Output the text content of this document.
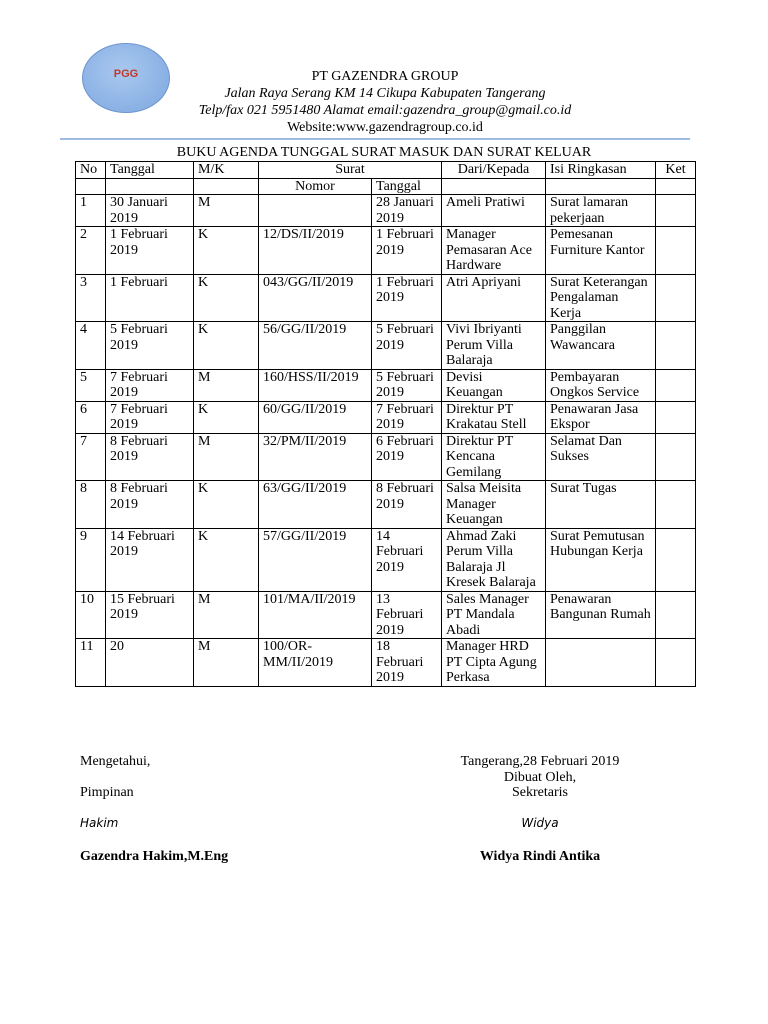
PGG	PT GAZENDRA GROUP
Jalan Raya Serang KM 14 Cikupa Kabupaten Tangerang
Telp/fax 021 5951480 Alamat email:gazendra_group@gmail.co.id
Website:www.gazendragroup.co.id
BUKU AGENDA TUNGGAL SURAT MASUK DAN SURAT KELUAR
No	Tanggal	M/K	Surat		Dari/Kepada	Isi Ringkasan	Ket
			Nomor	Tanggal			
1	30 Januari 2019	M		28 Januari 2019	Ameli Pratiwi	Surat lamaran pekerjaan	
2	1 Februari 2019	K	12/DS/II/2019	1 Februari 2019	Manager Pemasaran Ace Hardware	Pemesanan Furniture Kantor	
3	1 Februari	K	043/GG/II/2019	1 Februari 2019	Atri Apriyani	Surat Keterangan Pengalaman Kerja	
4	5 Februari 2019	K	56/GG/II/2019	5 Februari 2019	Vivi Ibriyanti Perum Villa Balaraja	Panggilan Wawancara	
5	7 Februari 2019	M	160/HSS/II/2019	5 Februari 2019	Devisi Keuangan	Pembayaran Ongkos Service	
6	7 Februari 2019	K	60/GG/II/2019	7 Februari 2019	Direktur PT Krakatau Stell	Penawaran Jasa Ekspor	
7	8 Februari 2019	M	32/PM/II/2019	6 Februari 2019	Direktur PT Kencana Gemilang	Selamat Dan Sukses	
8	8 Februari 2019	K	63/GG/II/2019	8 Februari 2019	Salsa Meisita Manager Keuangan	Surat Tugas	
9	14 Februari 2019	K	57/GG/II/2019	14 Februari 2019	Ahmad Zaki Perum Villa Balaraja Jl Kresek Balaraja	Surat Pemutusan Hubungan Kerja	
10	15 Februari 2019	M	101/MA/II/2019	13 Februari 2019	Sales Manager PT Mandala Abadi	Penawaran Bangunan Rumah	
11	20	M	100/OR-MM/II/2019	18 Februari 2019	Manager HRD PT Cipta Agung Perkasa		
Mengetahui,
Pimpinan
Hakim
Gazendra Hakim,M.Eng
Tangerang,28 Februari 2019
Dibuat Oleh,
Sekretaris
Widya
Widya Rindi Antika
